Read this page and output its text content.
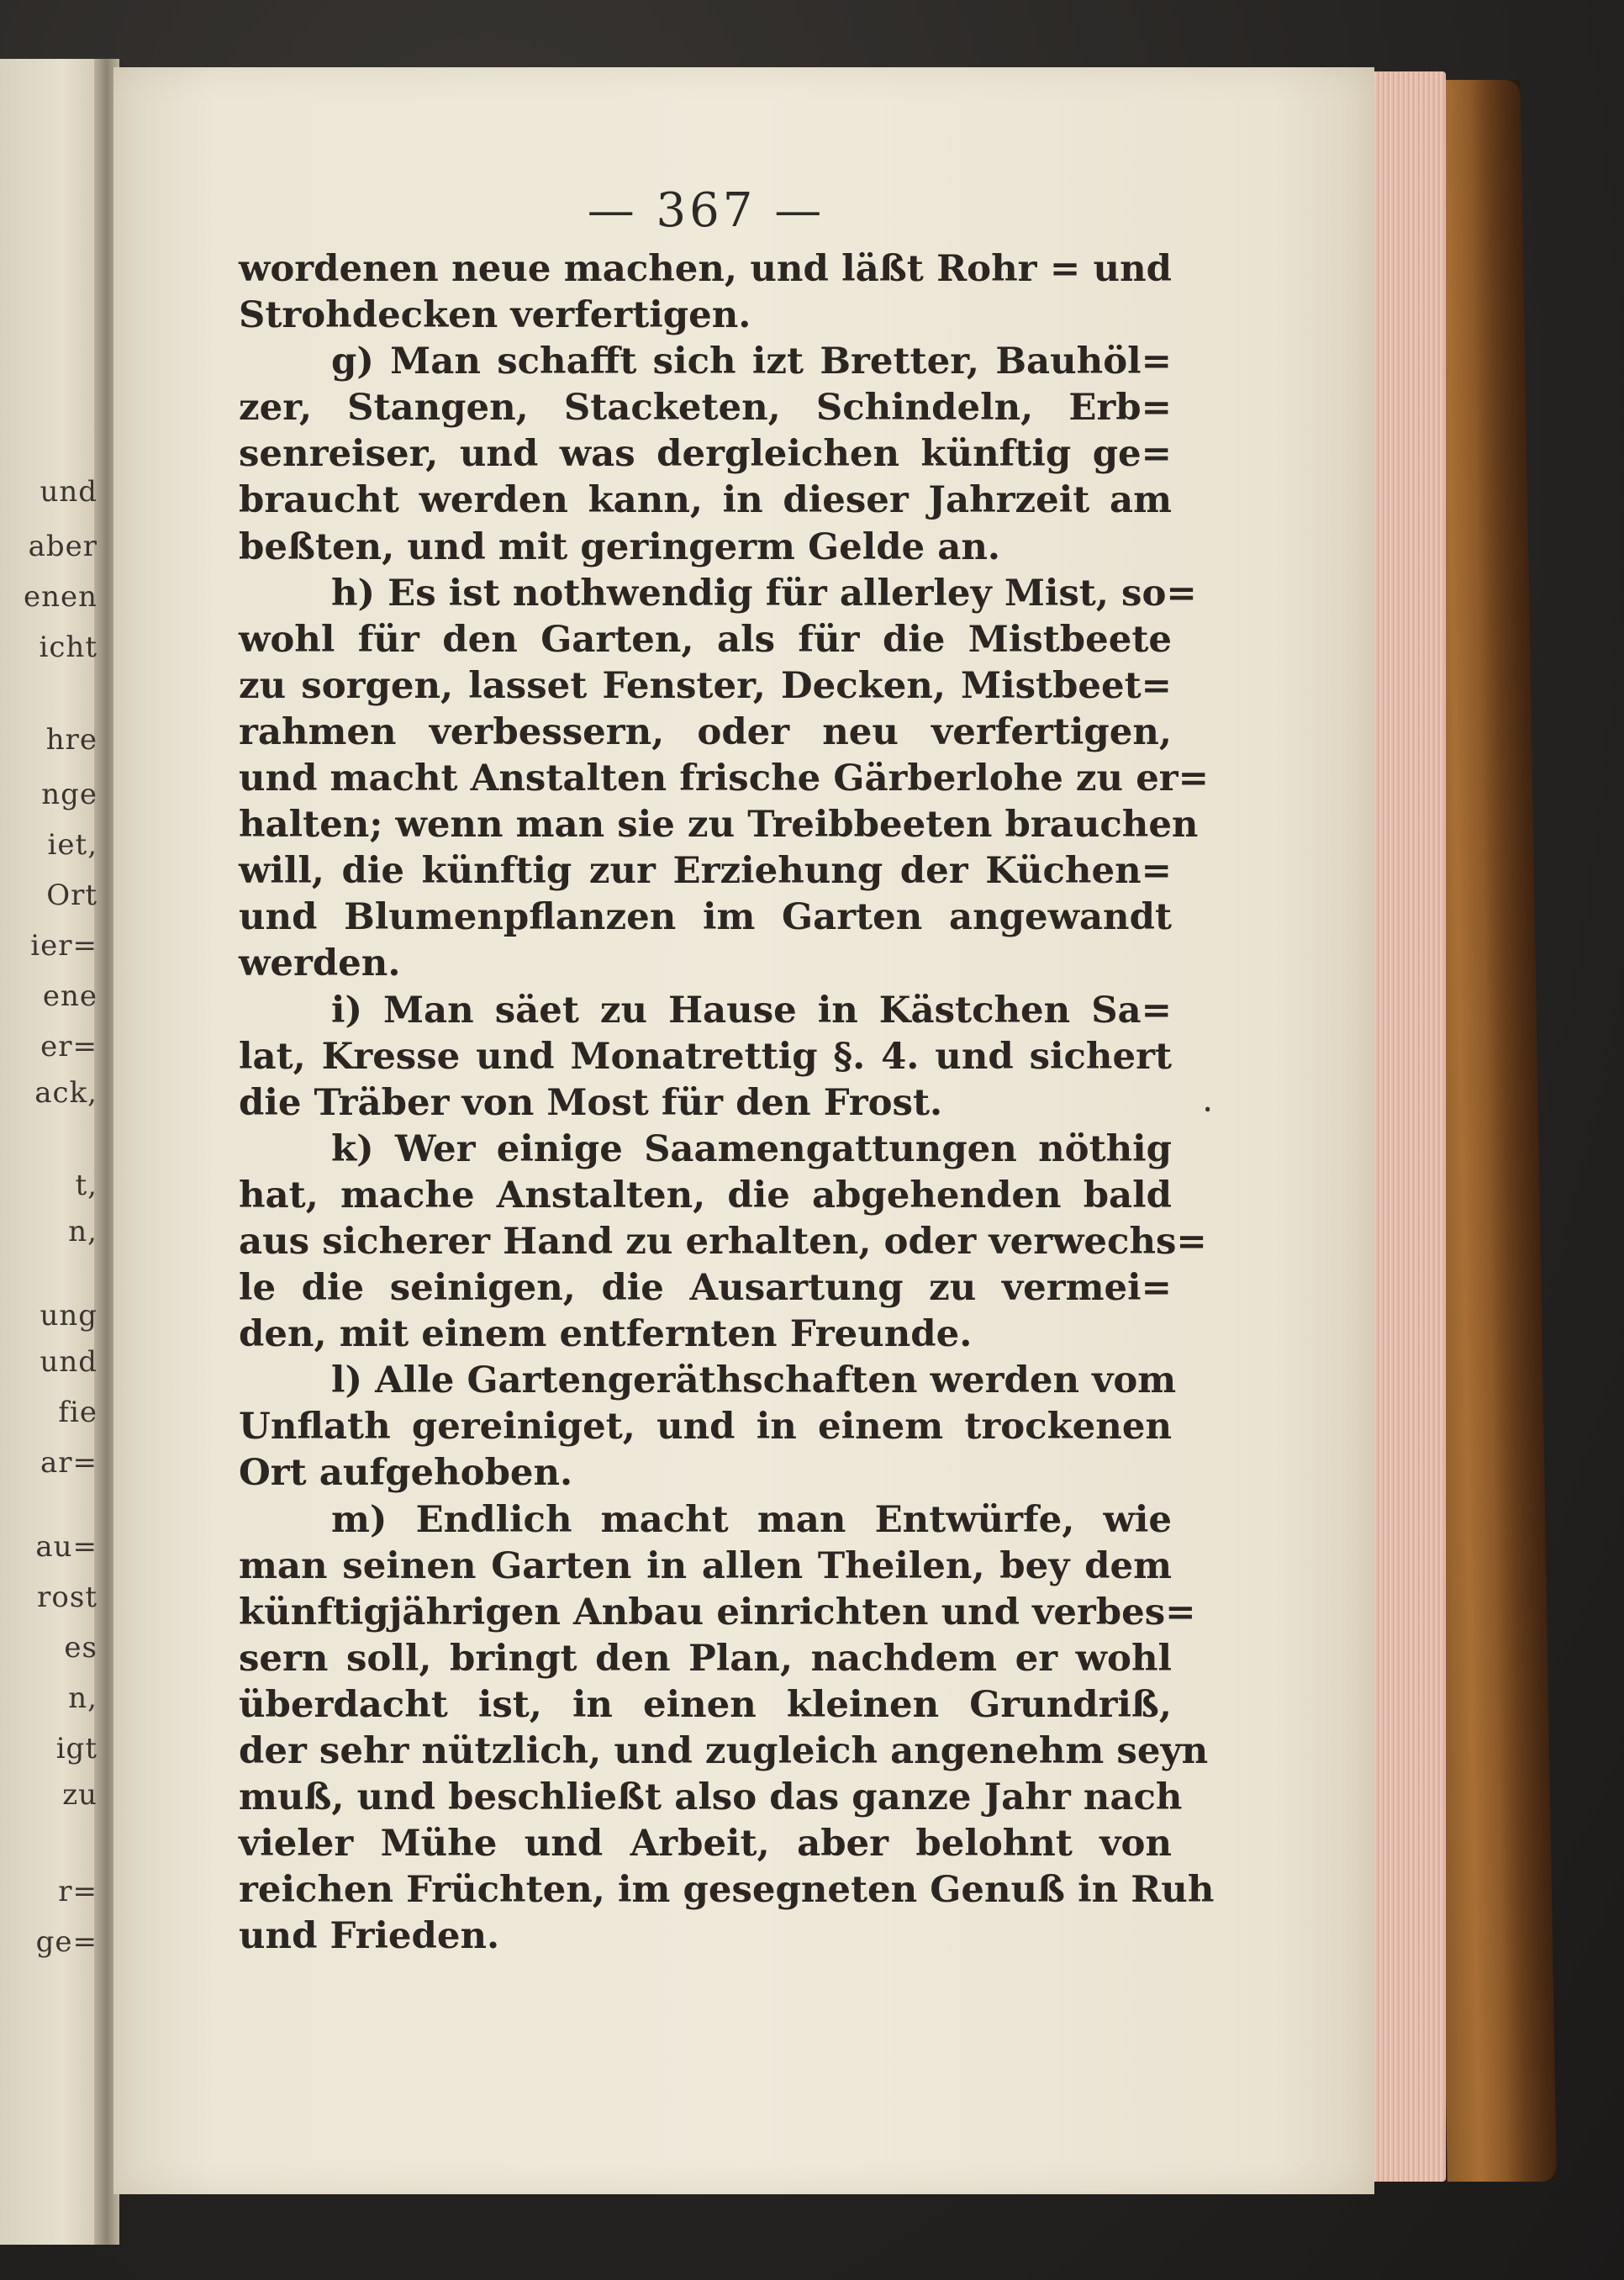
und
aber
enen
icht
hre
nge
iet,
Ort
ier=
ene
er=
ack,
t,
n,
ung
und
fie
ar=
au=
rost
es
n,
igt
zu
r=
ge=
— 367 —
wordenen neue machen, und läßt Rohr = und
Strohdecken verfertigen.
g) Man schafft sich izt Bretter, Bauhöl=
zer, Stangen, Stacketen, Schindeln, Erb=
senreiser, und was dergleichen künftig ge=
braucht werden kann, in dieser Jahrzeit am
beßten, und mit geringerm Gelde an.
h) Es ist nothwendig für allerley Mist, so=
wohl für den Garten, als für die Mistbeete
zu sorgen, lasset Fenster, Decken, Mistbeet=
rahmen verbessern, oder neu verfertigen,
und macht Anstalten frische Gärberlohe zu er=
halten; wenn man sie zu Treibbeeten brauchen
will, die künftig zur Erziehung der Küchen=
und Blumenpflanzen im Garten angewandt
werden.
i) Man säet zu Hause in Kästchen Sa=
lat, Kresse und Monatrettig §. 4. und sichert
die Träber von Most für den Frost.
k) Wer einige Saamengattungen nöthig
hat, mache Anstalten, die abgehenden bald
aus sicherer Hand zu erhalten, oder verwechs=
le die seinigen, die Ausartung zu vermei=
den, mit einem entfernten Freunde.
l) Alle Gartengeräthschaften werden vom
Unflath gereiniget, und in einem trockenen
Ort aufgehoben.
m) Endlich macht man Entwürfe, wie
man seinen Garten in allen Theilen, bey dem
künftigjährigen Anbau einrichten und verbes=
sern soll, bringt den Plan, nachdem er wohl
überdacht ist, in einen kleinen Grundriß,
der sehr nützlich, und zugleich angenehm seyn
muß, und beschließt also das ganze Jahr nach
vieler Mühe und Arbeit, aber belohnt von
reichen Früchten, im gesegneten Genuß in Ruh
und Frieden.
ꞏ
